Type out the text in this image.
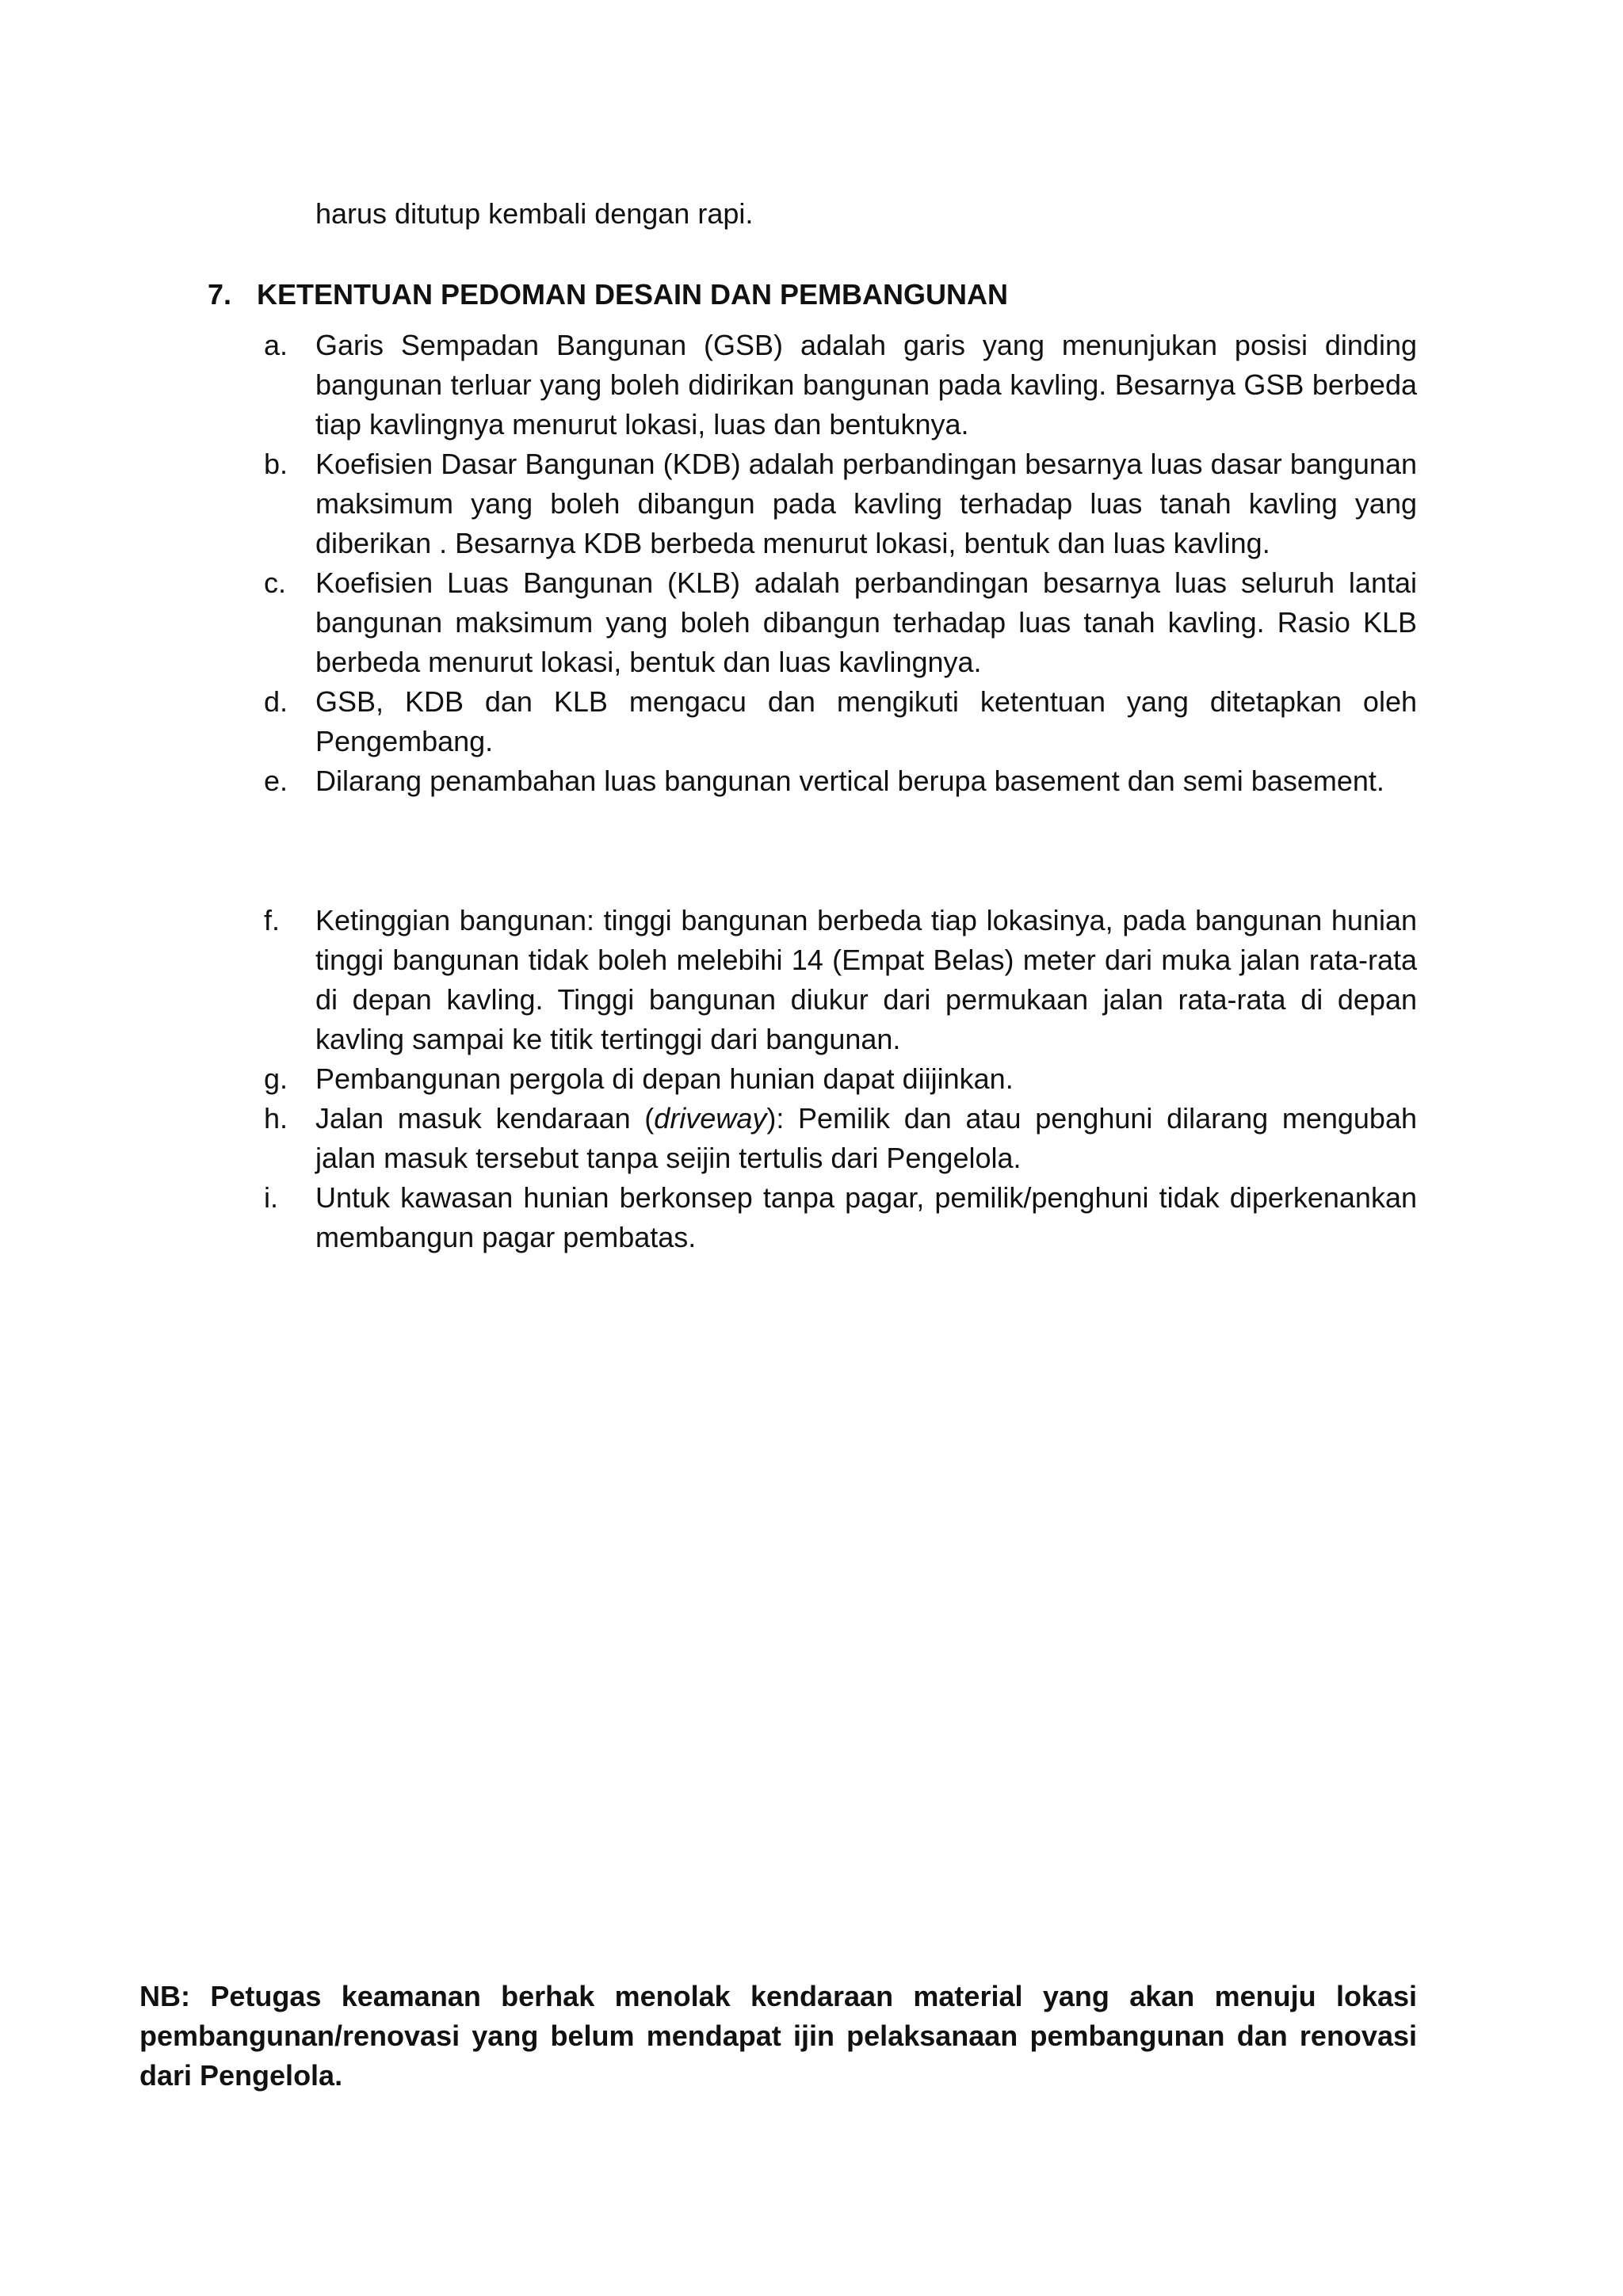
harus ditutup kembali dengan rapi.
7. KETENTUAN PEDOMAN DESAIN DAN PEMBANGUNAN
a. Garis Sempadan Bangunan (GSB) adalah garis yang menunjukan posisi dinding bangunan terluar yang boleh didirikan bangunan pada kavling. Besarnya GSB berbeda tiap kavlingnya menurut lokasi, luas dan bentuknya.
b. Koefisien Dasar Bangunan (KDB) adalah perbandingan besarnya luas dasar bangunan maksimum yang boleh dibangun pada kavling terhadap luas tanah kavling yang diberikan . Besarnya KDB berbeda menurut lokasi, bentuk dan luas kavling.
c.	Koefisien Luas Bangunan (KLB) adalah perbandingan besarnya luas seluruh lantai bangunan maksimum yang boleh dibangun terhadap luas tanah kavling. Rasio KLB berbeda menurut lokasi, bentuk dan luas kavlingnya.
d. GSB, KDB dan KLB mengacu dan mengikuti ketentuan yang ditetapkan oleh Pengembang.
e. Dilarang penambahan luas bangunan vertical berupa basement dan semi basement.
f.	Ketinggian bangunan: tinggi bangunan berbeda tiap lokasinya, pada bangunan hunian tinggi bangunan tidak boleh melebihi 14 (Empat Belas) meter dari muka jalan rata-rata di depan kavling. Tinggi bangunan diukur dari permukaan jalan rata-rata di depan kavling sampai ke titik tertinggi dari bangunan.
g. Pembangunan pergola di depan hunian dapat diijinkan.
h. Jalan masuk kendaraan (driveway): Pemilik dan atau penghuni dilarang mengubah jalan masuk tersebut tanpa seijin tertulis dari Pengelola.
i.	Untuk kawasan hunian berkonsep tanpa pagar, pemilik/penghuni tidak diperkenankan membangun pagar pembatas.
NB: Petugas keamanan berhak menolak kendaraan material yang akan menuju lokasi pembangunan/renovasi yang belum mendapat ijin pelaksanaan pembangunan dan renovasi dari Pengelola.
